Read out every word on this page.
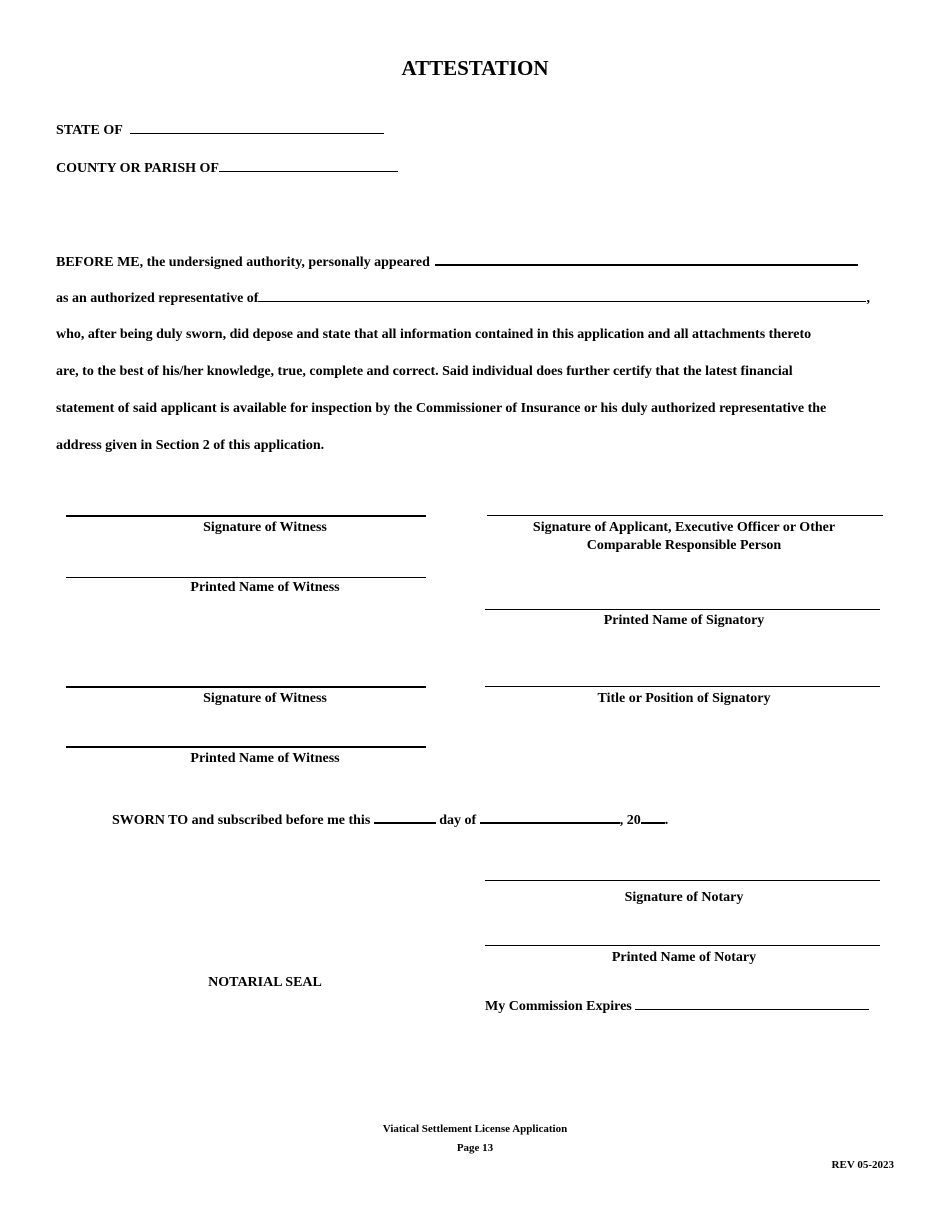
ATTESTATION
STATE OF
COUNTY OR PARISH OF
BEFORE ME, the undersigned authority, personally appeared
as an authorized representative of	,
who, after being duly sworn, did depose and state that all information contained in this application and all attachments thereto
are, to the best of his/her knowledge, true, complete and correct. Said individual does further certify that the latest financial
statement of said applicant is available for inspection by the Commissioner of Insurance or his duly authorized representative the
address given in Section 2 of this application.
Signature of Witness
Printed Name of Witness
Signature of Witness
Printed Name of Witness
Signature of Applicant, Executive Officer or Other
Comparable Responsible Person
Printed Name of Signatory
Title or Position of Signatory
SWORN TO and subscribed before me this	day of	, 20 .
Signature of Notary
Printed Name of Notary
NOTARIAL SEAL
My Commission Expires
Viatical Settlement License Application
Page 13
REV 05-2023
